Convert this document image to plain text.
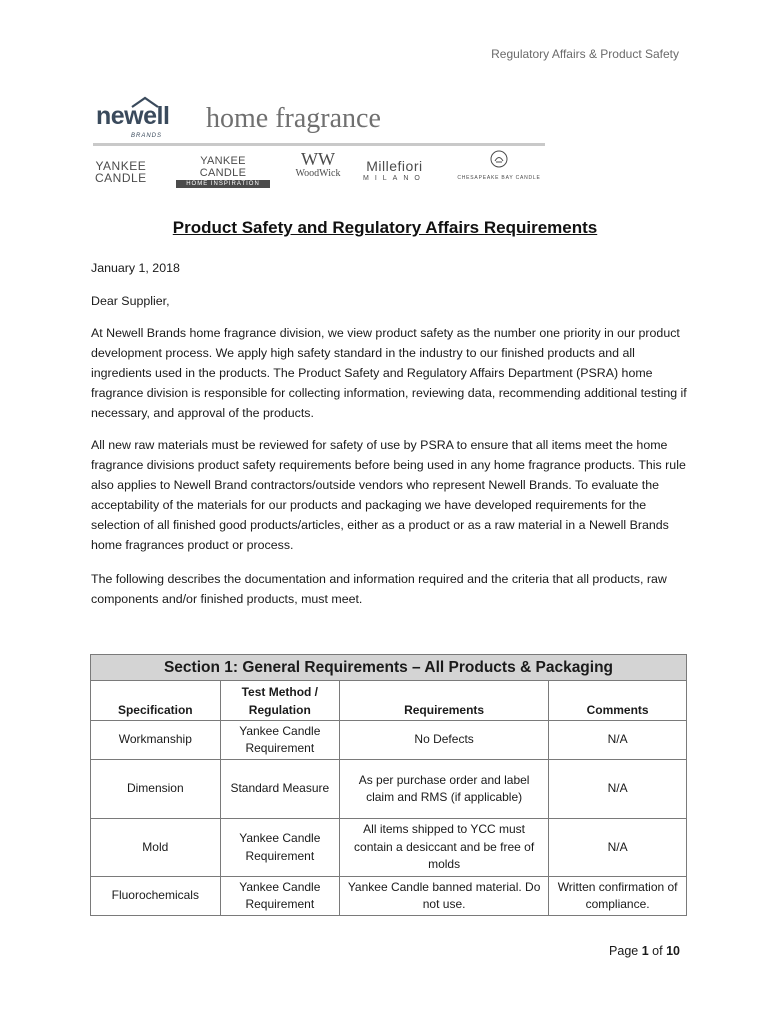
Regulatory Affairs & Product Safety
newell
BRANDS
home fragrance
YANKEE
CANDLE
YANKEE CANDLE
HOME INSPIRATION
WW
WoodWick	Millefiori
MILANO	CHESAPEAKE BAY CANDLE
Product Safety and Regulatory Affairs Requirements
January 1, 2018
Dear Supplier,
At Newell Brands home fragrance division, we view product safety as the number one priority in our product development process. We apply high safety standard in the industry to our finished products and all ingredients used in the products. The Product Safety and Regulatory Affairs Department (PSRA) home fragrance division is responsible for collecting information, reviewing data, recommending additional testing if necessary, and approval of the products.
All new raw materials must be reviewed for safety of use by PSRA to ensure that all items meet the home fragrance divisions product safety requirements before being used in any home fragrance products. This rule also applies to Newell Brand contractors/outside vendors who represent Newell Brands. To evaluate the acceptability of the materials for our products and packaging we have developed requirements for the selection of all finished good products/articles, either as a product or as a raw material in a Newell Brands home fragrances product or process.
The following describes the documentation and information required and the criteria that all products, raw components and/or finished products, must meet.
Section 1: General Requirements – All Products & Packaging			
Specification	Test Method / Regulation	Requirements	Comments
Workmanship	Yankee Candle Requirement	No Defects	N/A
Dimension	Standard Measure	As per purchase order and label claim and RMS (if applicable)	N/A
Mold	Yankee Candle Requirement	All items shipped to YCC must contain a desiccant and be free of molds	N/A
Fluorochemicals	Yankee Candle Requirement	Yankee Candle banned material. Do not use.	Written confirmation of compliance.
Page 1 of 10
